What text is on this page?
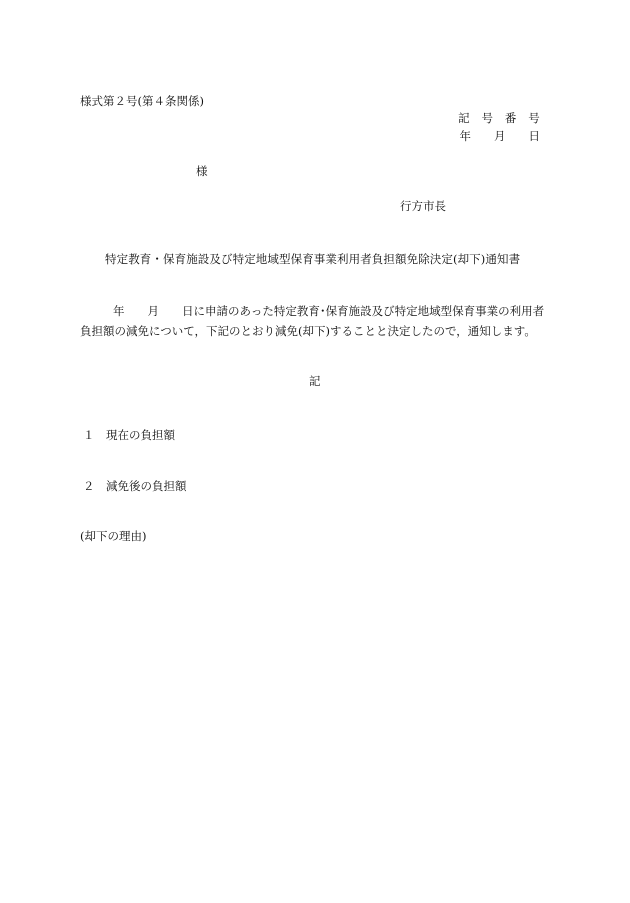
様式第２号(第４条関係)
記　号　番　号
年　　月　　日
様
行方市長
特定教育・保育施設及び特定地域型保育事業利用者負担額免除決定(却下)通知書
年　　月　　日に申請のあった特定教育･保育施設及び特定地域型保育事業の利用者
負担額の減免について，下記のとおり減免(却下)することと決定したので，通知します。
記
１　現在の負担額
２　減免後の負担額
(却下の理由)
